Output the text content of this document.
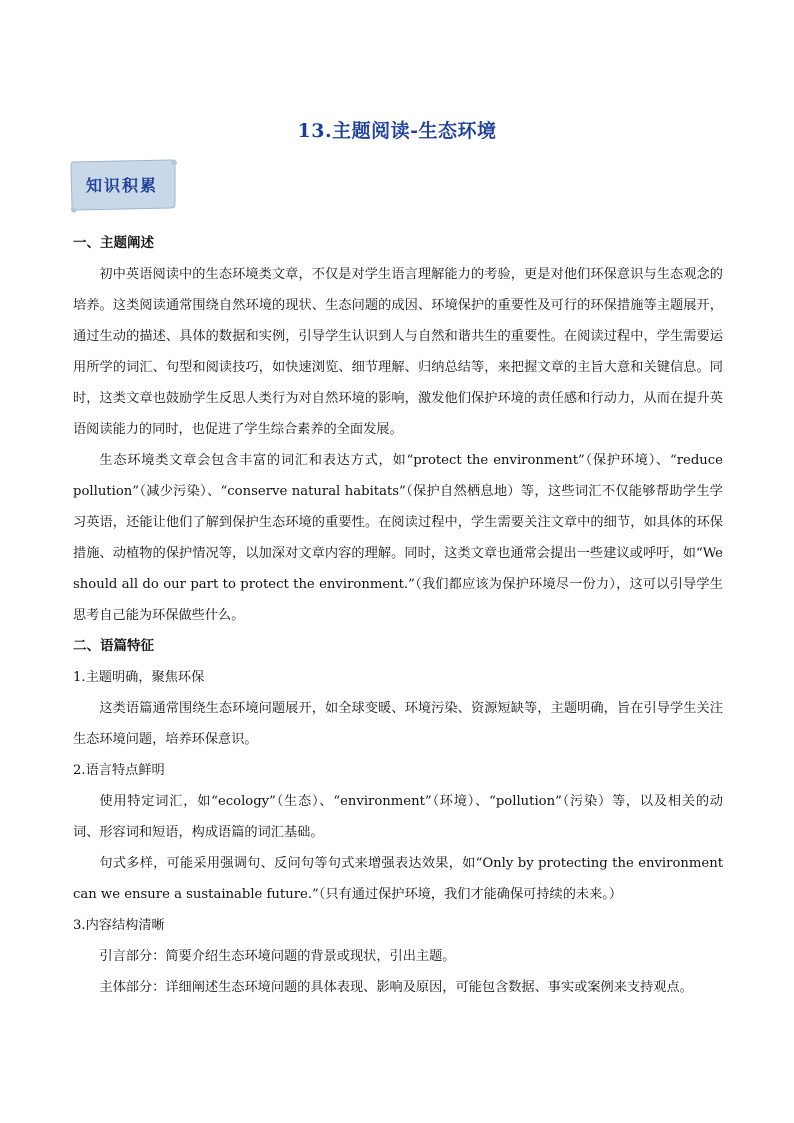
13.主题阅读-生态环境
知识积累

一、主题阐述

初中英语阅读中的生态环境类文章，不仅是对学生语言理解能力的考验，更是对他们环保意识与生态观念的培养。这类阅读通常围绕自然环境的现状、生态问题的成因、环境保护的重要性及可行的环保措施等主题展开，通过生动的描述、具体的数据和实例，引导学生认识到人与自然和谐共生的重要性。在阅读过程中，学生需要运用所学的词汇、句型和阅读技巧，如快速浏览、细节理解、归纳总结等，来把握文章的主旨大意和关键信息。同时，这类文章也鼓励学生反思人类行为对自然环境的影响，激发他们保护环境的责任感和行动力，从而在提升英语阅读能力的同时，也促进了学生综合素养的全面发展。

生态环境类文章会包含丰富的词汇和表达方式，如“protect the environment”（保护环境）、“reduce pollution”（减少污染）、“conserve natural habitats”（保护自然栖息地）等，这些词汇不仅能够帮助学生学习英语，还能让他们了解到保护生态环境的重要性。在阅读过程中，学生需要关注文章中的细节，如具体的环保措施、动植物的保护情况等，以加深对文章内容的理解。同时，这类文章也通常会提出一些建议或呼吁，如“We should all do our part to protect the environment.”（我们都应该为保护环境尽一份力），这可以引导学生思考自己能为环保做些什么。

二、语篇特征

1.主题明确，聚焦环保

这类语篇通常围绕生态环境问题展开，如全球变暖、环境污染、资源短缺等，主题明确，旨在引导学生关注生态环境问题，培养环保意识。

2.语言特点鲜明

使用特定词汇，如“ecology”（生态）、“environment”（环境）、“pollution”（污染）等，以及相关的动词、形容词和短语，构成语篇的词汇基础。

句式多样，可能采用强调句、反问句等句式来增强表达效果，如“Only by protecting the environment can we ensure a sustainable future.”（只有通过保护环境，我们才能确保可持续的未来。）

3.内容结构清晰

引言部分：简要介绍生态环境问题的背景或现状，引出主题。

主体部分：详细阐述生态环境问题的具体表现、影响及原因，可能包含数据、事实或案例来支持观点。
